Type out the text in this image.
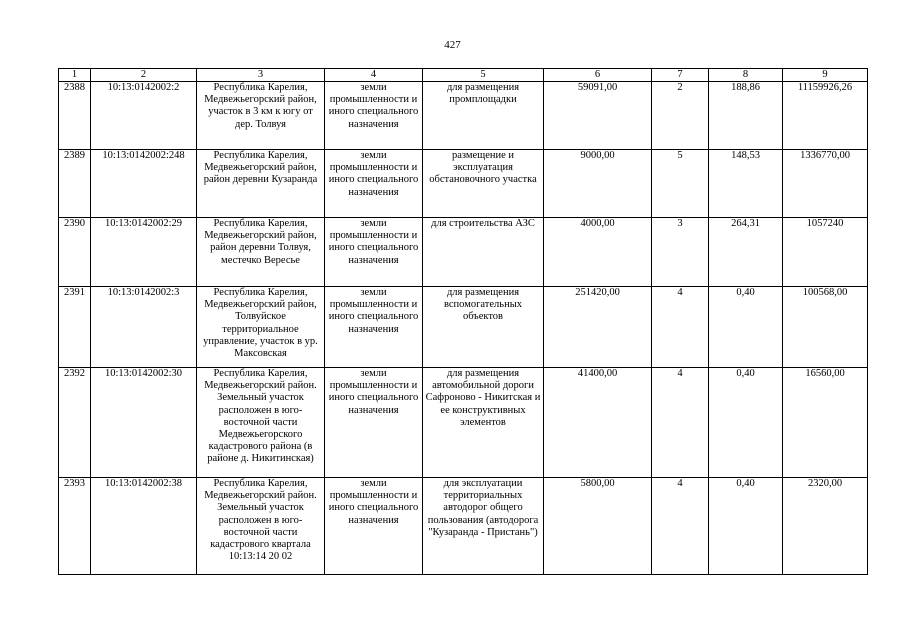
427
1	2	3	4	5	6	7	8	9
2388	10:13:0142002:2	Республика Карелия, Медвежьегорский район, участок в 3 км к югу от дер. Толвуя	земли промышленности и иного специального назначения	для размещения промплощадки	59091,00	2	188,86	11159926,26
2389	10:13:0142002:248	Республика Карелия, Медвежьегорский район, район деревни Кузаранда	земли промышленности и иного специального назначения	размещение и эксплуатация обстановочного участка	9000,00	5	148,53	1336770,00
2390	10:13:0142002:29	Республика Карелия, Медвежьегорский район, район деревни Толвуя, местечко Вересье	земли промышленности и иного специального назначения	для строительства АЗС	4000,00	3	264,31	1057240
2391	10:13:0142002:3	Республика Карелия, Медвежьегорский район, Толвуйское территориальное управление, участок в ур. Максовская	земли промышленности и иного специального назначения	для размещения вспомогательных объектов	251420,00	4	0,40	100568,00
2392	10:13:0142002:30	Республика Карелия, Медвежьегорский район. Земельный участок расположен в юго-восточной части Медвежьегорского кадастрового района (в районе д. Никитинская)	земли промышленности и иного специального назначения	для размещения автомобильной дороги Сафроново - Никитская и ее конструктивных элементов	41400,00	4	0,40	16560,00
2393	10:13:0142002:38	Республика Карелия, Медвежьегорский район. Земельный участок расположен в юго-восточной части кадастрового квартала 10:13:14 20 02	земли промышленности и иного специального назначения	для эксплуатации территориальных автодорог общего пользования (автодорога "Кузаранда - Пристань")	5800,00	4	0,40	2320,00
